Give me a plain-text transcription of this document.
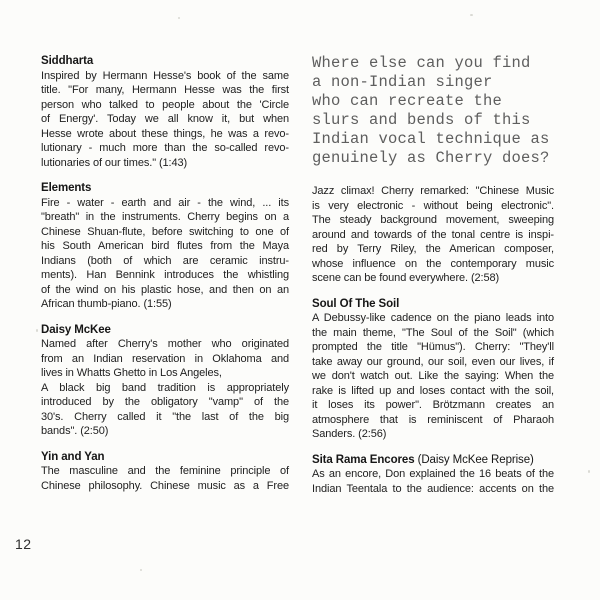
Siddharta
Inspired by Hermann Hesse's book of the same
title. "For many, Hermann Hesse was the first
person who talked to people about the 'Circle
of Energy'. Today we all know it, but when
Hesse wrote about these things, he was a revo-
lutionary - much more than the so-called revo-
lutionaries of our times." (1:43)
Elements
Fire - water - earth and air - the wind, ... its
"breath" in the instruments. Cherry begins on a
Chinese Shuan-flute, before switching to one of
his South American bird flutes from the Maya
Indians (both of which are ceramic instru-
ments). Han Bennink introduces the whistling
of the wind on his plastic hose, and then on an
African thumb-piano. (1:55)
Daisy McKee
Named after Cherry's mother who originated
from an Indian reservation in Oklahoma and
lives in Whatts Ghetto in Los Angeles,
A black big band tradition is appropriately
introduced by the obligatory "vamp" of the
30's. Cherry called it "the last of the big
bands". (2:50)
Yin and Yan
The masculine and the feminine principle of
Chinese philosophy. Chinese music as a Free
Where else can you find
a non-Indian singer
who can recreate the
slurs and bends of this
Indian vocal technique as
genuinely as Cherry does?
Jazz climax! Cherry remarked: "Chinese Music
is very electronic - without being electronic".
The steady background movement, sweeping
around and towards of the tonal centre is inspi-
red by Terry Riley, the American composer,
whose influence on the contemporary music
scene can be found everywhere. (2:58)
Soul Of The Soil
A Debussy-like cadence on the piano leads into
the main theme, "The Soul of the Soil" (which
prompted the title "Hümus"). Cherry: "They'll
take away our ground, our soil, even our lives, if
we don't watch out. Like the saying: When the
rake is lifted up and loses contact with the soil,
it loses its power". Brötzmann creates an
atmosphere that is reminiscent of Pharaoh
Sanders. (2:56)
Sita Rama Encores (Daisy McKee Reprise)
As an encore, Don explained the 16 beats of the
Indian Teentala to the audience: accents on the
12
